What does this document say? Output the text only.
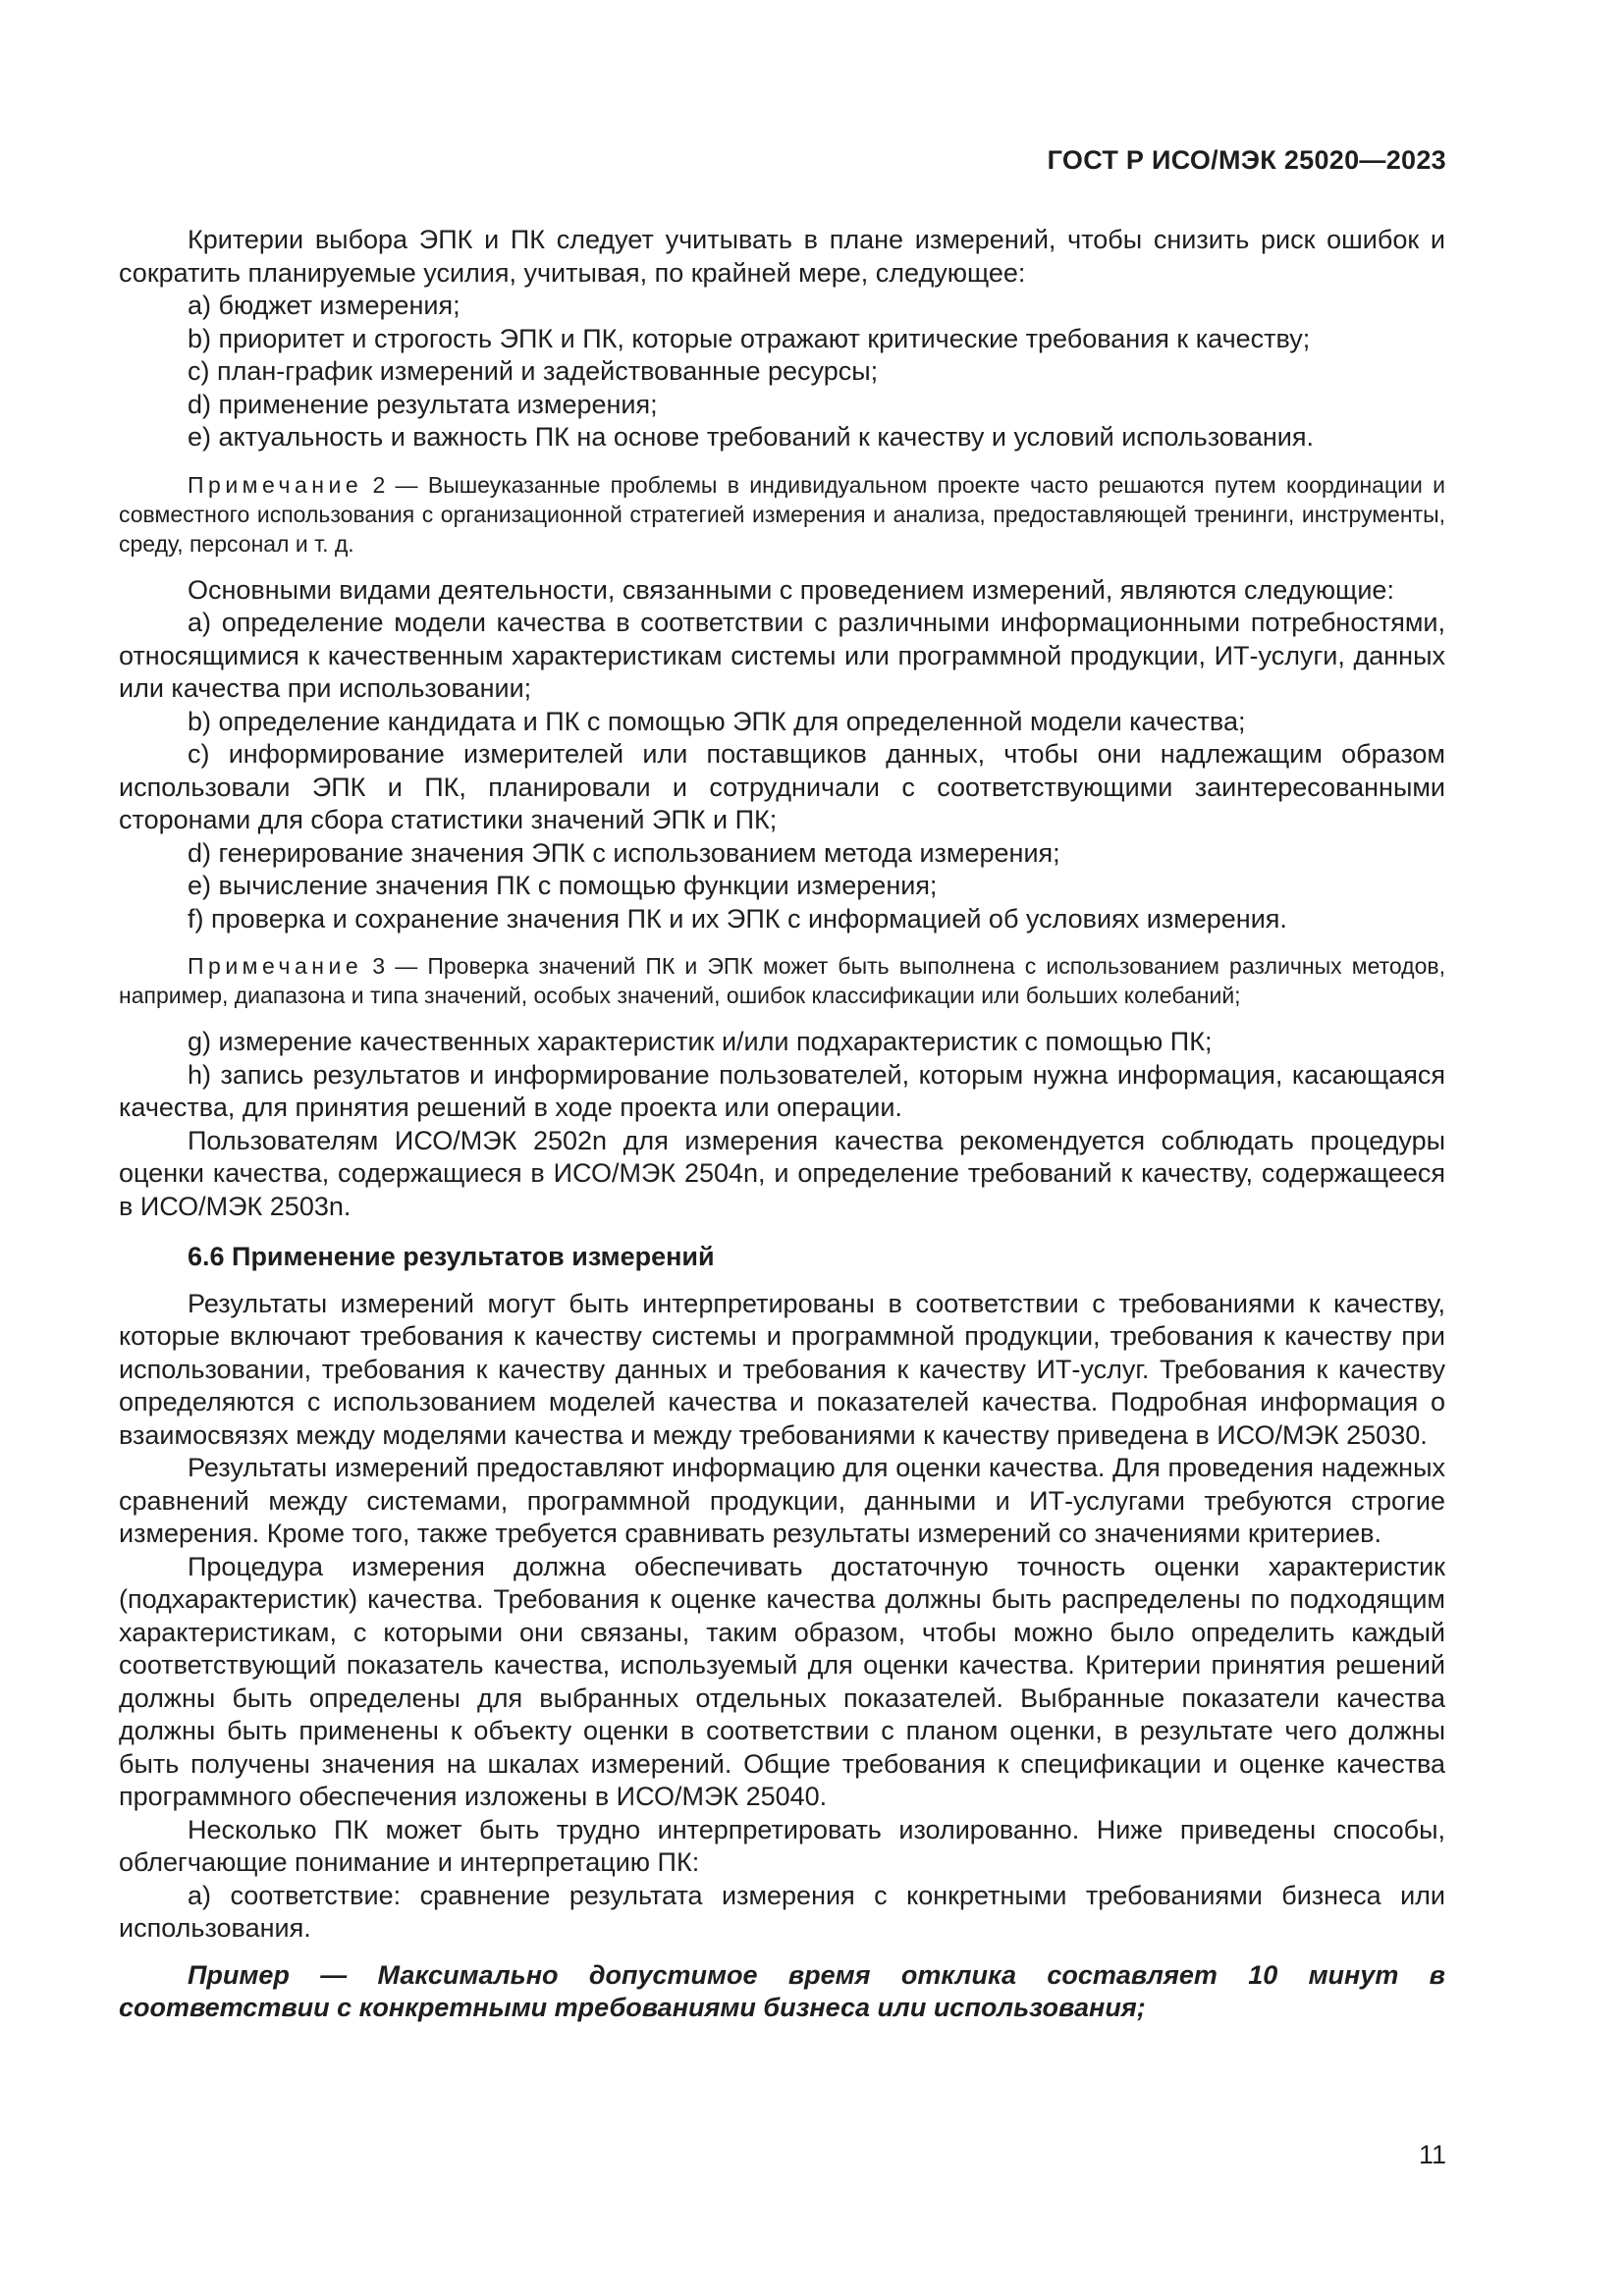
ГОСТ Р ИСО/МЭК 25020—2023

Критерии выбора ЭПК и ПК следует учитывать в плане измерений, чтобы снизить риск ошибок и сократить планируемые усилия, учитывая, по крайней мере, следующее:

a) бюджет измерения;

b) приоритет и строгость ЭПК и ПК, которые отражают критические требования к качеству;

c) план-график измерений и задействованные ресурсы;

d) применение результата измерения;

e) актуальность и важность ПК на основе требований к качеству и условий использования.

Примечание 2 — Вышеуказанные проблемы в индивидуальном проекте часто решаются путем координации и совместного использования с организационной стратегией измерения и анализа, предоставляющей тренинги, инструменты, среду, персонал и т. д.

Основными видами деятельности, связанными с проведением измерений, являются следующие:

a) определение модели качества в соответствии с различными информационными потребностями, относящимися к качественным характеристикам системы или программной продукции, ИТ-услуги, данных или качества при использовании;

b) определение кандидата и ПК с помощью ЭПК для определенной модели качества;

c) информирование измерителей или поставщиков данных, чтобы они надлежащим образом использовали ЭПК и ПК, планировали и сотрудничали с соответствующими заинтересованными сторонами для сбора статистики значений ЭПК и ПК;

d) генерирование значения ЭПК с использованием метода измерения;

e) вычисление значения ПК с помощью функции измерения;

f) проверка и сохранение значения ПК и их ЭПК с информацией об условиях измерения.

Примечание 3 — Проверка значений ПК и ЭПК может быть выполнена с использованием различных методов, например, диапазона и типа значений, особых значений, ошибок классификации или больших колебаний;

g) измерение качественных характеристик и/или подхарактеристик с помощью ПК;

h) запись результатов и информирование пользователей, которым нужна информация, касающаяся качества, для принятия решений в ходе проекта или операции.

Пользователям ИСО/МЭК 2502n для измерения качества рекомендуется соблюдать процедуры оценки качества, содержащиеся в ИСО/МЭК 2504n, и определение требований к качеству, содержащееся в ИСО/МЭК 2503n.

6.6 Применение результатов измерений

Результаты измерений могут быть интерпретированы в соответствии с требованиями к качеству, которые включают требования к качеству системы и программной продукции, требования к качеству при использовании, требования к качеству данных и требования к качеству ИТ-услуг. Требования к качеству определяются с использованием моделей качества и показателей качества. Подробная информация о взаимосвязях между моделями качества и между требованиями к качеству приведена в ИСО/МЭК 25030.

Результаты измерений предоставляют информацию для оценки качества. Для проведения надежных сравнений между системами, программной продукции, данными и ИТ-услугами требуются строгие измерения. Кроме того, также требуется сравнивать результаты измерений со значениями критериев.

Процедура измерения должна обеспечивать достаточную точность оценки характеристик (подхарактеристик) качества. Требования к оценке качества должны быть распределены по подходящим характеристикам, с которыми они связаны, таким образом, чтобы можно было определить каждый соответствующий показатель качества, используемый для оценки качества. Критерии принятия решений должны быть определены для выбранных отдельных показателей. Выбранные показатели качества должны быть применены к объекту оценки в соответствии с планом оценки, в результате чего должны быть получены значения на шкалах измерений. Общие требования к спецификации и оценке качества программного обеспечения изложены в ИСО/МЭК 25040.

Несколько ПК может быть трудно интерпретировать изолированно. Ниже приведены способы, облегчающие понимание и интерпретацию ПК:

a) соответствие: сравнение результата измерения с конкретными требованиями бизнеса или использования.

Пример — Максимально допустимое время отклика составляет 10 минут в соответствии с конкретными требованиями бизнеса или использования;

11
